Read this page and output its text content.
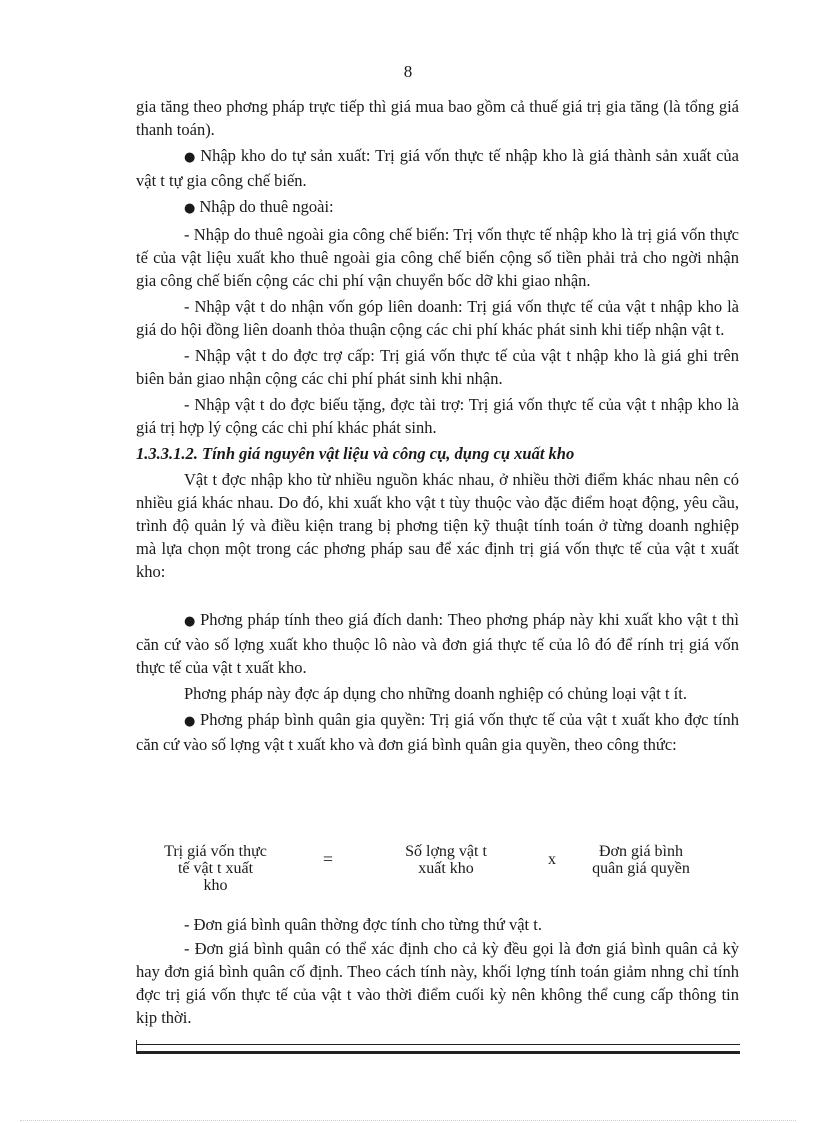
8

gia tăng theo phơng pháp trực tiếp thì giá mua bao gồm cả thuế giá trị gia tăng (là tổng giá thanh toán).

● Nhập kho do tự sản xuất: Trị giá vốn thực tế nhập kho là giá thành sản xuất của vật t tự gia công chế biến.

● Nhập do thuê ngoài:

- Nhập do thuê ngoài gia công chế biến: Trị vốn thực tế nhập kho là trị giá vốn thực tế của vật liệu xuất kho thuê ngoài gia công chế biến cộng số tiền phải trả cho ngời nhận gia công chế biến cộng các chi phí vận chuyển bốc dỡ khi giao nhận.

- Nhập vật t do nhận vốn góp liên doanh: Trị giá vốn thực tế của vật t nhập kho là giá do hội đồng liên doanh thỏa thuận cộng các chi phí khác phát sinh khi tiếp nhận vật t.

- Nhập vật t do đợc trợ cấp: Trị giá vốn thực tế của vật t nhập kho là giá ghi trên biên bản giao nhận cộng các chi phí phát sinh khi nhận.

- Nhập vật t do đợc biếu tặng, đợc tài trợ: Trị giá vốn thực tế của vật t nhập kho là giá trị hợp lý cộng các chi phí khác phát sinh.

1.3.3.1.2. Tính giá nguyên vật liệu và công cụ, dụng cụ xuất kho

Vật t đợc nhập kho từ nhiều nguồn khác nhau, ở nhiều thời điểm khác nhau nên có nhiều giá khác nhau. Do đó, khi xuất kho vật t tùy thuộc vào đặc điểm hoạt động, yêu cầu, trình độ quản lý và điều kiện trang bị phơng tiện kỹ thuật tính toán ở từng doanh nghiệp mà lựa chọn một trong các phơng pháp sau để xác định trị giá vốn thực tế của vật t xuất kho:

● Phơng pháp tính theo giá đích danh: Theo phơng pháp này khi xuất kho vật t thì căn cứ vào số lợng xuất kho thuộc lô nào và đơn giá thực tế của lô đó để rính trị giá vốn thực tế của vật t xuất kho.

Phơng pháp này đợc áp dụng cho những doanh nghiệp có chủng loại vật t ít.

● Phơng pháp bình quân gia quyền: Trị giá vốn thực tế của vật t xuất kho đợc tính căn cứ vào số lợng vật t xuất kho và đơn giá bình quân gia quyền, theo công thức:

Trị giá vốn thực
tế vật t xuất
kho
=	Số lợng vật t
xuất kho
x	Đơn giá bình
quân giá quyền

- Đơn giá bình quân thờng đợc tính cho từng thứ vật t.

- Đơn giá bình quân có thể xác định cho cả kỳ đều gọi là đơn giá bình quân cả kỳ hay đơn giá bình quân cố định. Theo cách tính này, khối lợng tính toán giảm nhng chỉ tính đợc trị giá vốn thực tế của vật t vào thời điểm cuối kỳ nên không thể cung cấp thông tin kịp thời.
